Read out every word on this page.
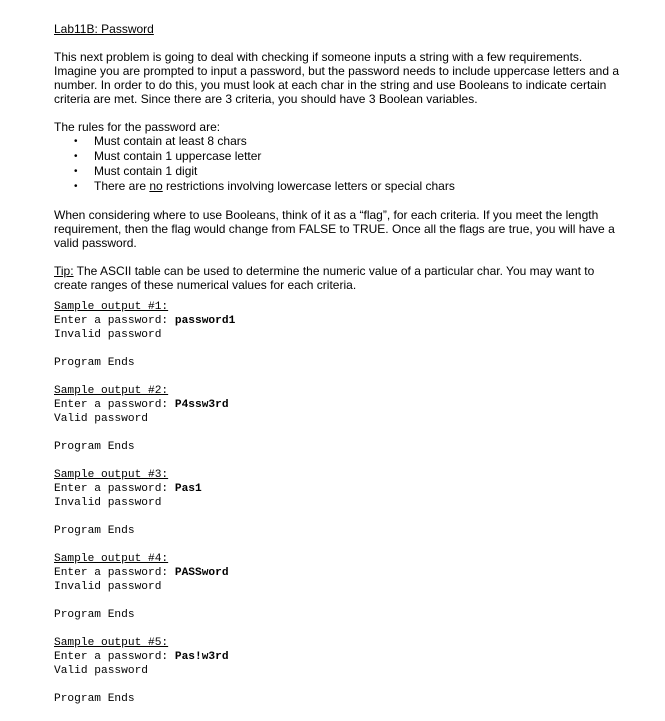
Lab11B: Password

This next problem is going to deal with checking if someone inputs a string with a few requirements. Imagine you are prompted to input a password, but the password needs to include uppercase letters and a number. In order to do this, you must look at each char in the string and use Booleans to indicate certain criteria are met. Since there are 3 criteria, you should have 3 Boolean variables.

The rules for the password are:

• Must contain at least 8 chars
• Must contain 1 uppercase letter
• Must contain 1 digit
• There are no restrictions involving lowercase letters or special chars

When considering where to use Booleans, think of it as a “flag”, for each criteria. If you meet the length requirement, then the flag would change from FALSE to TRUE. Once all the flags are true, you will have a valid password.

Tip: The ASCII table can be used to determine the numeric value of a particular char. You may want to create ranges of these numerical values for each criteria.

Sample output #1:
Enter a password: password1
Invalid password
Program Ends
Sample output #2:
Enter a password: P4ssw3rd
Valid password
Program Ends
Sample output #3:
Enter a password: Pas1
Invalid password
Program Ends
Sample output #4:
Enter a password: PASSword
Invalid password
Program Ends
Sample output #5:
Enter a password: Pas!w3rd
Valid password
Program Ends
